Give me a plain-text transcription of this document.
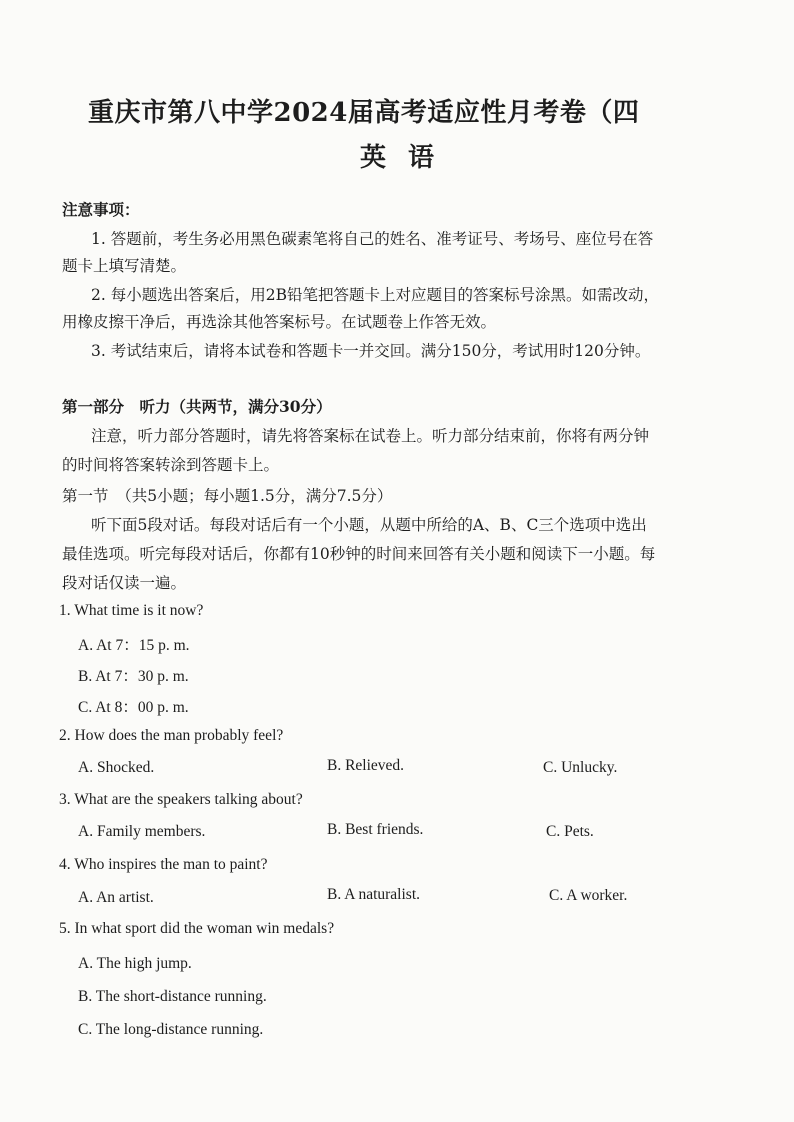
重庆市第八中学2024届高考适应性月考卷（四
英语
注意事项：
1. 答题前，考生务必用黑色碳素笔将自己的姓名、准考证号、考场号、座位号在答
题卡上填写清楚。
2. 每小题选出答案后，用2B铅笔把答题卡上对应题目的答案标号涂黑。如需改动，
用橡皮擦干净后，再选涂其他答案标号。在试题卷上作答无效。
3. 考试结束后，请将本试卷和答题卡一并交回。满分150分，考试用时120分钟。
第一部分　听力（共两节，满分30分）
注意，听力部分答题时，请先将答案标在试卷上。听力部分结束前，你将有两分钟
的时间将答案转涂到答题卡上。
第一节　（共5小题；每小题1.5分，满分7.5分）
听下面5段对话。每段对话后有一个小题，从题中所给的A、B、C三个选项中选出
最佳选项。听完每段对话后，你都有10秒钟的时间来回答有关小题和阅读下一小题。每
段对话仅读一遍。
1. What time is it now?
A. At 7：15 p. m.
B. At 7：30 p. m.
C. At 8：00 p. m.
2. How does the man probably feel?
A. Shocked.	B. Relieved.	C. Unlucky.
3. What are the speakers talking about?
A. Family members.	B. Best friends.	C. Pets.
4. Who inspires the man to paint?
A. An artist.	B. A naturalist.	C. A worker.
5. In what sport did the woman win medals?
A. The high jump.
B. The short-distance running.
C. The long-distance running.
